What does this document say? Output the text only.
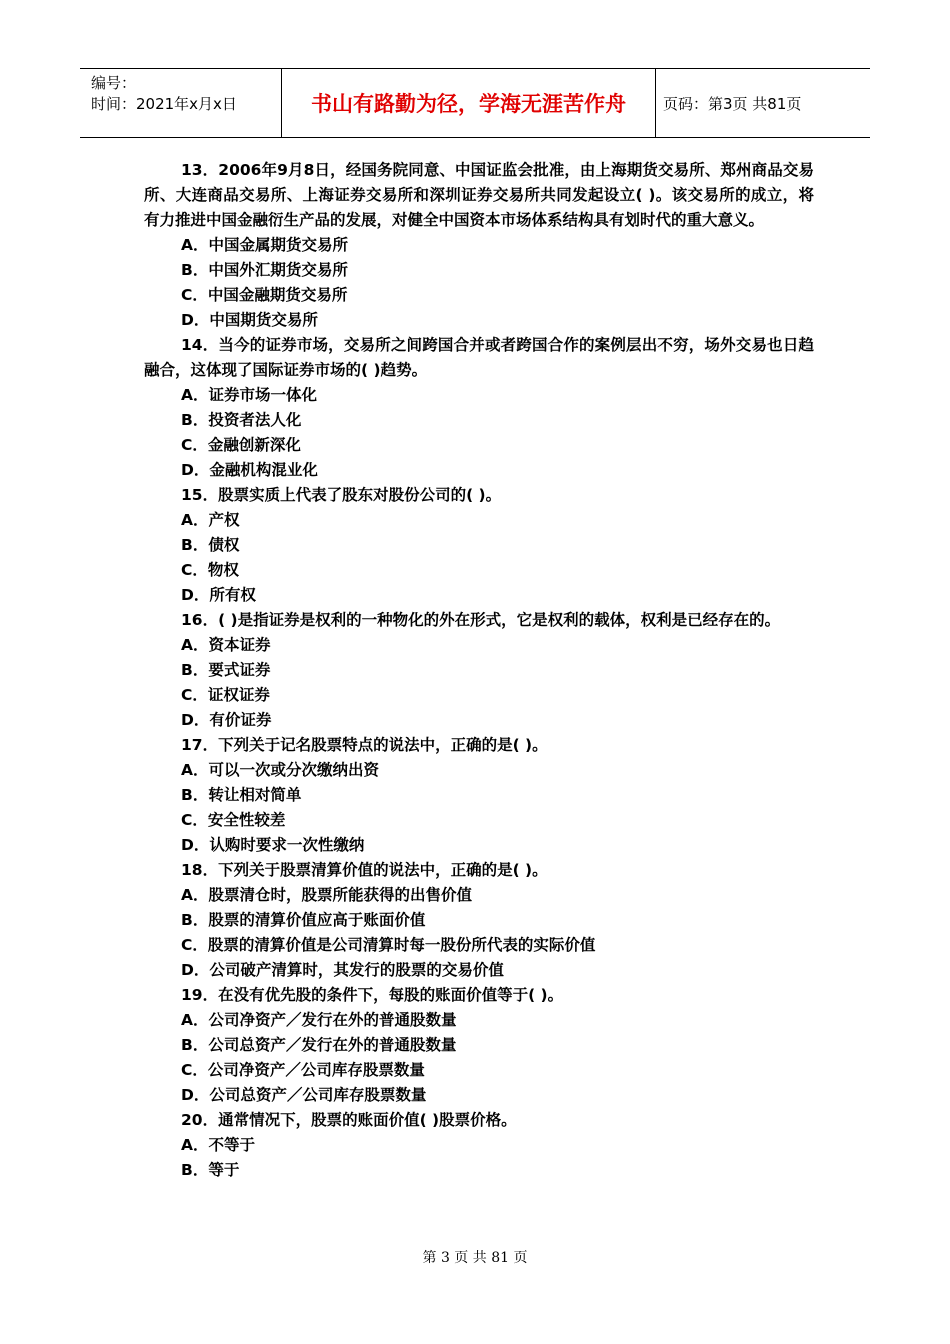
编号：
时间：2021年x月x日	书山有路勤为径，学海无涯苦作舟	页码：第3页 共81页
13．2006年9月8日，经国务院同意、中国证监会批准，由上海期货交易所、郑州商品交易所、大连商品交易所、上海证券交易所和深圳证券交易所共同发起设立( )。该交易所的成立，将有力推进中国金融衍生产品的发展，对健全中国资本市场体系结构具有划时代的重大意义。
A．中国金属期货交易所
B．中国外汇期货交易所
C．中国金融期货交易所
D．中国期货交易所
14．当今的证券市场，交易所之间跨国合并或者跨国合作的案例层出不穷，场外交易也日趋融合，这体现了国际证券市场的( )趋势。
A．证券市场一体化
B．投资者法人化
C．金融创新深化
D．金融机构混业化
15．股票实质上代表了股东对股份公司的( )。
A．产权
B．债权
C．物权
D．所有权
16．( )是指证券是权利的一种物化的外在形式，它是权利的载体，权利是已经存在的。
A．资本证券
B．要式证券
C．证权证券
D．有价证券
17．下列关于记名股票特点的说法中，正确的是( )。
A．可以一次或分次缴纳出资
B．转让相对简单
C．安全性较差
D．认购时要求一次性缴纳
18．下列关于股票清算价值的说法中，正确的是( )。
A．股票清仓时，股票所能获得的出售价值
B．股票的清算价值应高于账面价值
C．股票的清算价值是公司清算时每一股份所代表的实际价值
D．公司破产清算时，其发行的股票的交易价值
19．在没有优先股的条件下，每股的账面价值等于( )。
A．公司净资产／发行在外的普通股数量
B．公司总资产／发行在外的普通股数量
C．公司净资产／公司库存股票数量
D．公司总资产／公司库存股票数量
20．通常情况下，股票的账面价值( )股票价格。
A．不等于
B．等于
第 3 页 共 81 页
